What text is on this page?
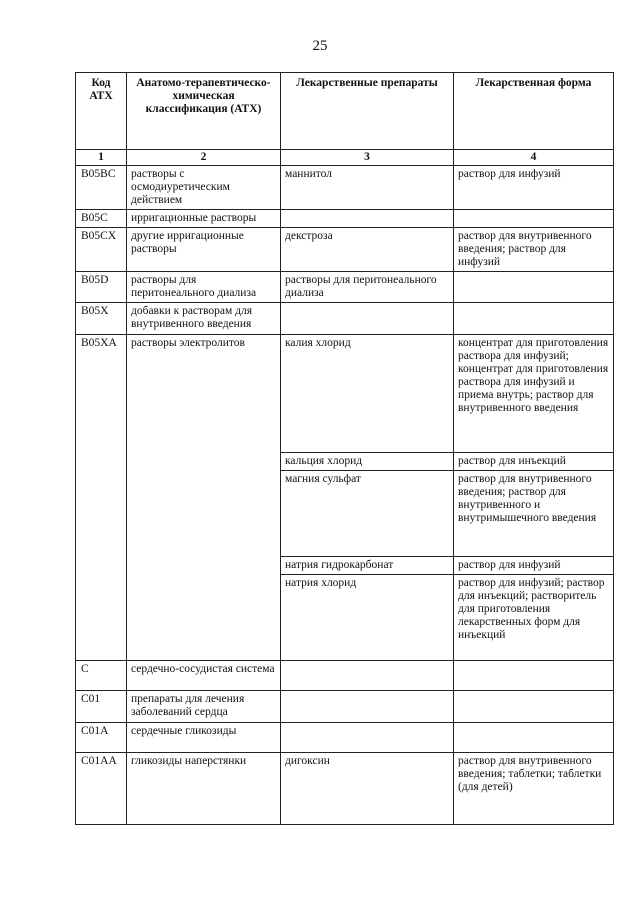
25
Код АТХ	Анатомо-терапевтическо-химическая классификация (АТХ)	Лекарственные препараты	Лекарственная форма
1	2	3	4
B05BC	растворы с осмодиуретическим действием	маннитол	раствор для инфузий
B05C	ирригационные растворы		
B05CX	другие ирригационные растворы	декстроза	раствор для внутривенного введения; раствор для инфузий
B05D	растворы для перитонеального диализа	растворы для перитонеального диализа	
B05X	добавки к растворам для внутривенного введения		
B05XA	растворы электролитов	калия хлорид	концентрат для приготовления раствора для инфузий; концентрат для приготовления раствора для инфузий и приема внутрь; раствор для внутривенного введения
		кальция хлорид	раствор для инъекций
		магния сульфат	раствор для внутривенного введения; раствор для внутривенного и внутримышечного введения
		натрия гидрокарбонат	раствор для инфузий
		натрия хлорид	раствор для инфузий; раствор для инъекций; растворитель для приготовления лекарственных форм для инъекций
C	сердечно-сосудистая система		
C01	препараты для лечения заболеваний сердца		
C01A	сердечные гликозиды		
C01AA	гликозиды наперстянки	дигоксин	раствор для внутривенного введения; таблетки; таблетки (для детей)
